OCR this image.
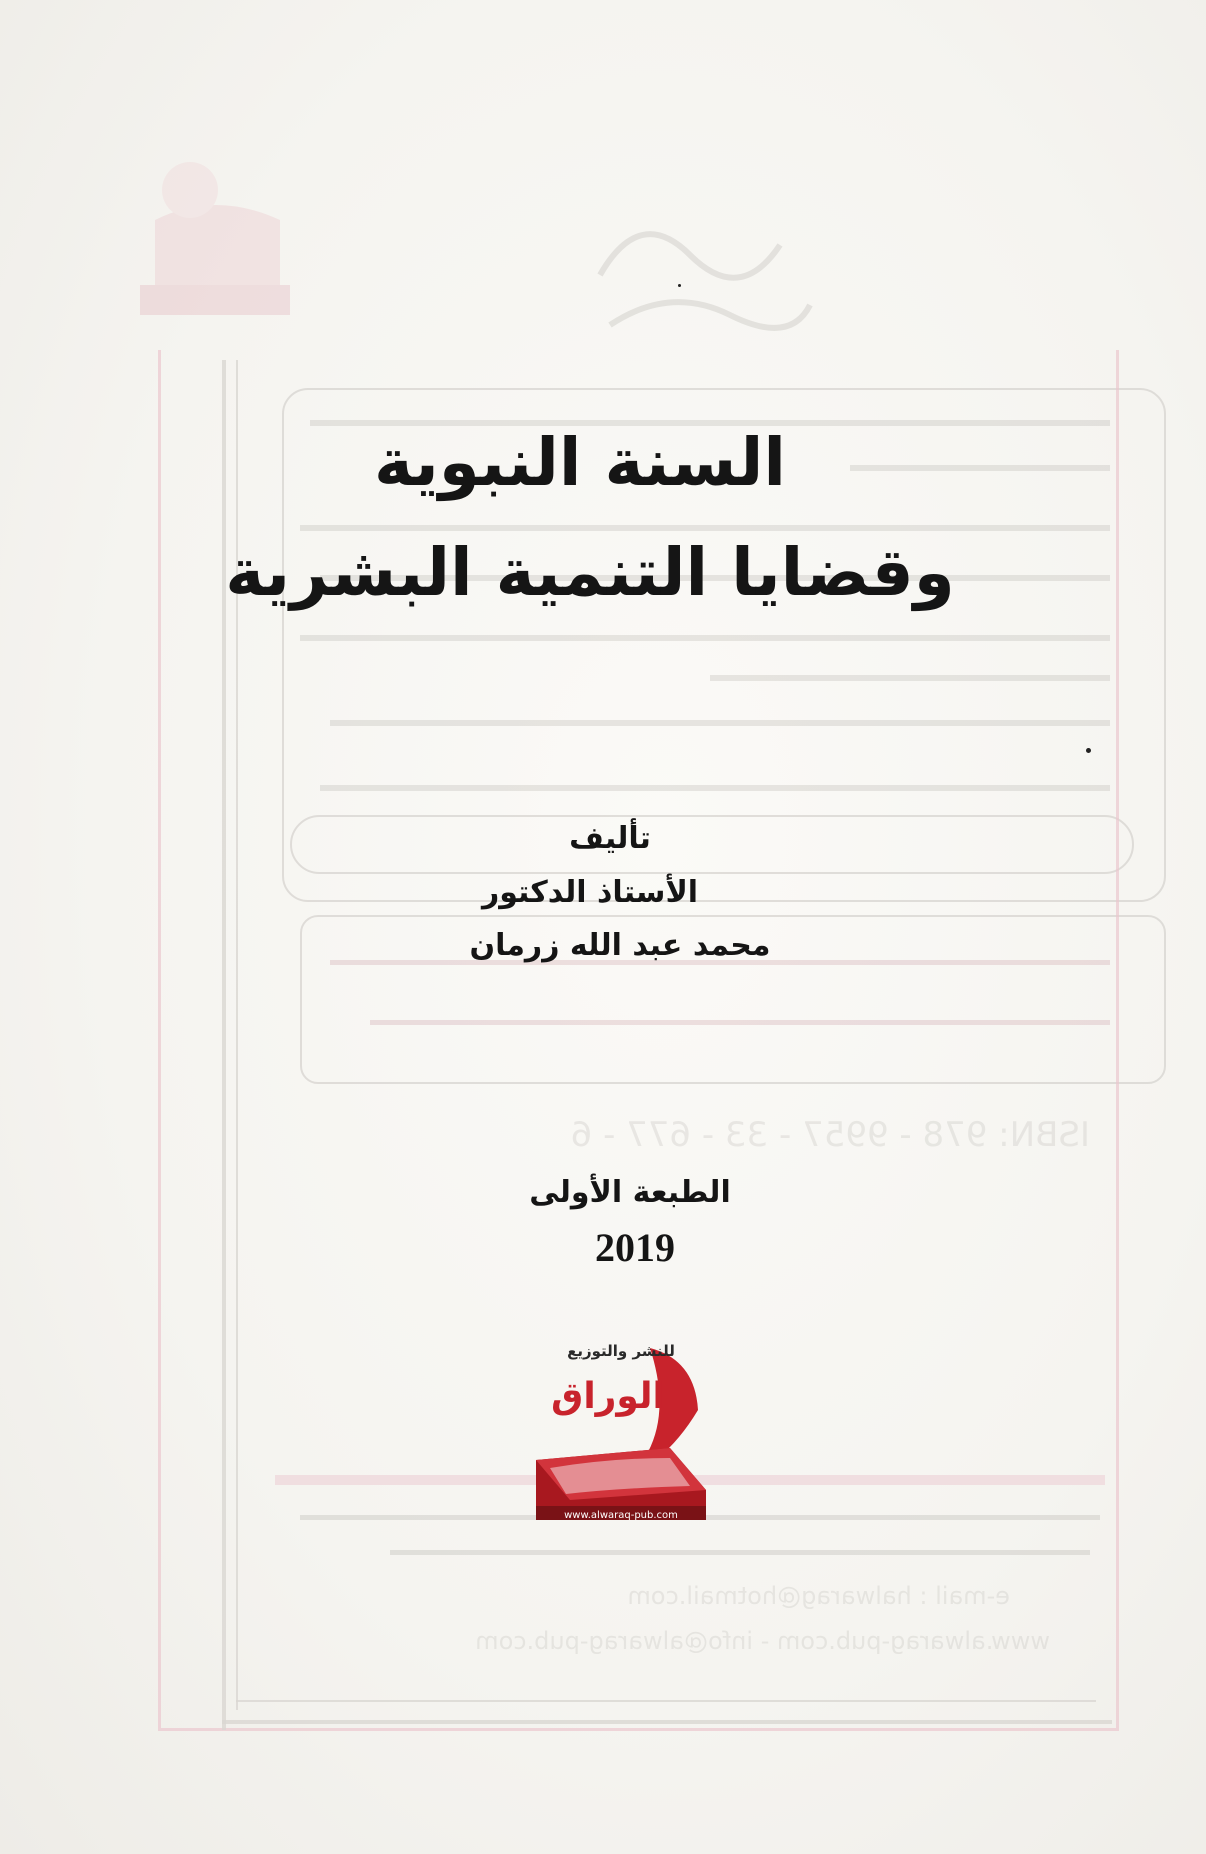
ISBN: 978 - 9957 - 33 - 677 - 6
e-mail : halwarag@hotmail.com
www.alwarag-pub.com - info@alwarag-pub.com
السنة النبوية
وقضايا التنمية البشرية
تأليف
الأستاذ الدكتور
محمد عبد الله زرمان
الطبعة الأولى
2019
للنشر والتوزيع
الوراق
www.alwaraq-pub.com
